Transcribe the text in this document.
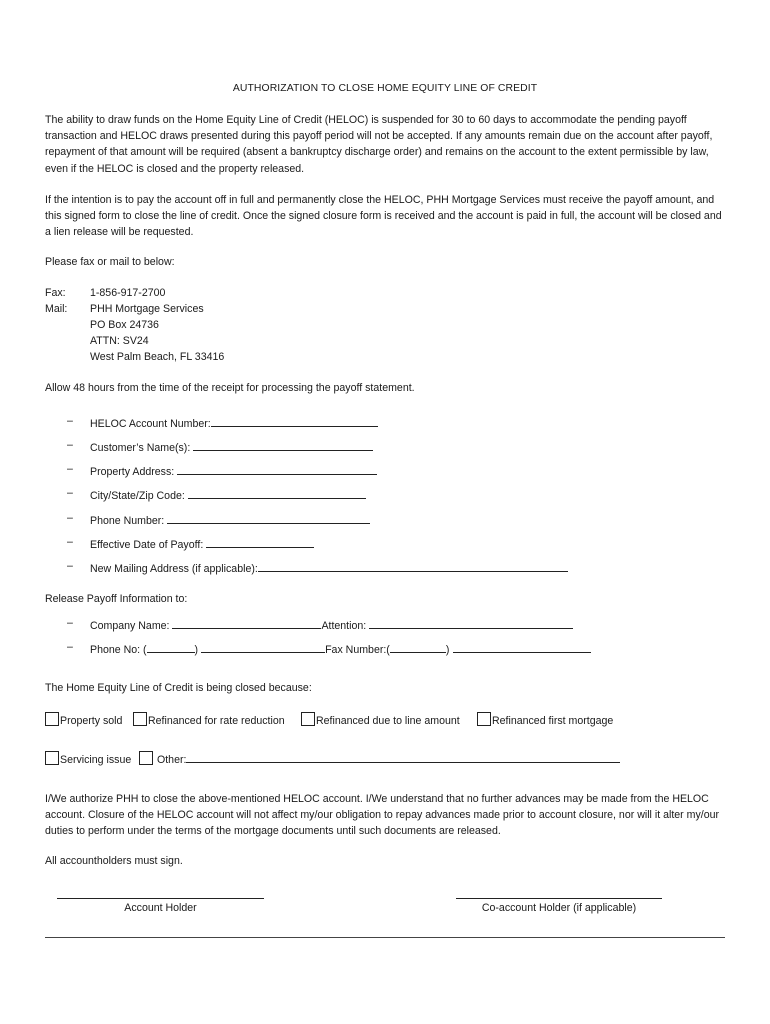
AUTHORIZATION TO CLOSE HOME EQUITY LINE OF CREDIT

The ability to draw funds on the Home Equity Line of Credit (HELOC) is suspended for 30 to 60 days to accommodate the pending payoff transaction and HELOC draws presented during this payoff period will not be accepted. If any amounts remain due on the account after payoff, repayment of that amount will be required (absent a bankruptcy discharge order) and remains on the account to the extent permissible by law, even if the HELOC is closed and the property released.

If the intention is to pay the account off in full and permanently close the HELOC, PHH Mortgage Services must receive the payoff amount, and this signed form to close the line of credit. Once the signed closure form is received and the account is paid in full, the account will be closed and a lien release will be requested.

Please fax or mail to below:
Fax: 1-856-917-2700
Mail: PHH Mortgage Services
PO Box 24736
ATTN: SV24
West Palm Beach, FL 33416
Allow 48 hours from the time of the receipt for processing the payoff statement.
– HELOC Account Number:
– Customer’s Name(s):
– Property Address:
– City/State/Zip Code:
– Phone Number:
– Effective Date of Payoff:
– New Mailing Address (if applicable):
Release Payoff Information to:
– Company Name:	Attention:
– Phone No: (	)	Fax Number:(	)
The Home Equity Line of Credit is being closed because:
Property sold	Refinanced for rate reduction	Refinanced due to line amount	Refinanced first mortgage
Servicing issue	Other:

I/We authorize PHH to close the above-mentioned HELOC account. I/We understand that no further advances may be made from the HELOC account. Closure of the HELOC account will not affect my/our obligation to repay advances made prior to account closure, nor will it alter my/our duties to perform under the terms of the mortgage documents until such documents are released.

All accountholders must sign.
Account Holder	Co-account Holder (if applicable)
